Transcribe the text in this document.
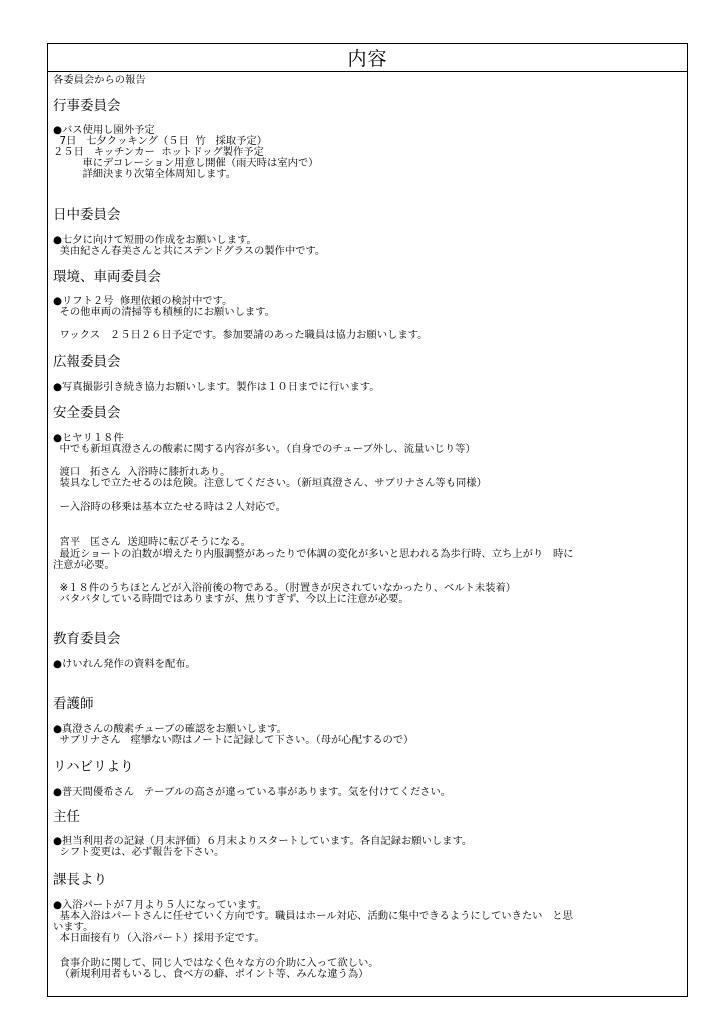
内容
各委員会からの報告
行事委員会
●バス使用し園外予定
7日   七夕クッキング（５日  竹   採取予定）
２５日   キッチンカー  ホットドッグ製作予定
車にデコレーション用意し開催（雨天時は室内で）
詳細決まり次第全体周知します。
日中委員会
●七夕に向けて短冊の作成をお願いします。
美由紀さん春美さんと共にステンドグラスの製作中です。
環境、車両委員会
●リフト２号  修理依頼の検討中です。
その他車両の清掃等も積極的にお願いします。
ワックス   ２５日２６日予定です。参加要請のあった職員は協力お願いします。
広報委員会
●写真撮影引き続き協力お願いします。製作は１０日までに行います。
安全委員会
●ヒヤリ１８件
中でも新垣真澄さんの酸素に関する内容が多い。（自身でのチューブ外し、流量いじり等）
渡口   拓さん  入浴時に膝折れあり。
装具なしで立たせるのは危険。注意してください。（新垣真澄さん、サブリナさん等も同様）
ー入浴時の移乗は基本立たせる時は２人対応で。
宮平   匡さん  送迎時に転びそうになる。
最近ショートの泊数が増えたり内服調整があったりで体調の変化が多いと思われる為歩行時、立ち上がり   時に
注意が必要。
※１８件のうちほとんどが入浴前後の物である。（肘置きが戻されていなかったり、ベルト未装着）
バタバタしている時間ではありますが、焦りすぎず、今以上に注意が必要。
教育委員会
●けいれん発作の資料を配布。
看護師
●真澄さんの酸素チューブの確認をお願いします。
サブリナさん   痙攣ない際はノートに記録して下さい。（母が心配するので）
リハビリより
●普天間優希さん   テーブルの高さが違っている事があります。気を付けてください。
主任
●担当利用者の記録（月末評価）６月末よりスタートしています。各自記録お願いします。
シフト変更は、必ず報告を下さい。
課長より
●入浴パートが７月より５人になっています。
基本入浴はパートさんに任せていく方向です。職員はホール対応、活動に集中できるようにしていきたい   と思
います。
本日面接有り（入浴パート）採用予定です。
食事介助に関して、同じ人ではなく色々な方の介助に入って欲しい。
（新規利用者もいるし、食べ方の癖、ポイント等、みんな違う為）
